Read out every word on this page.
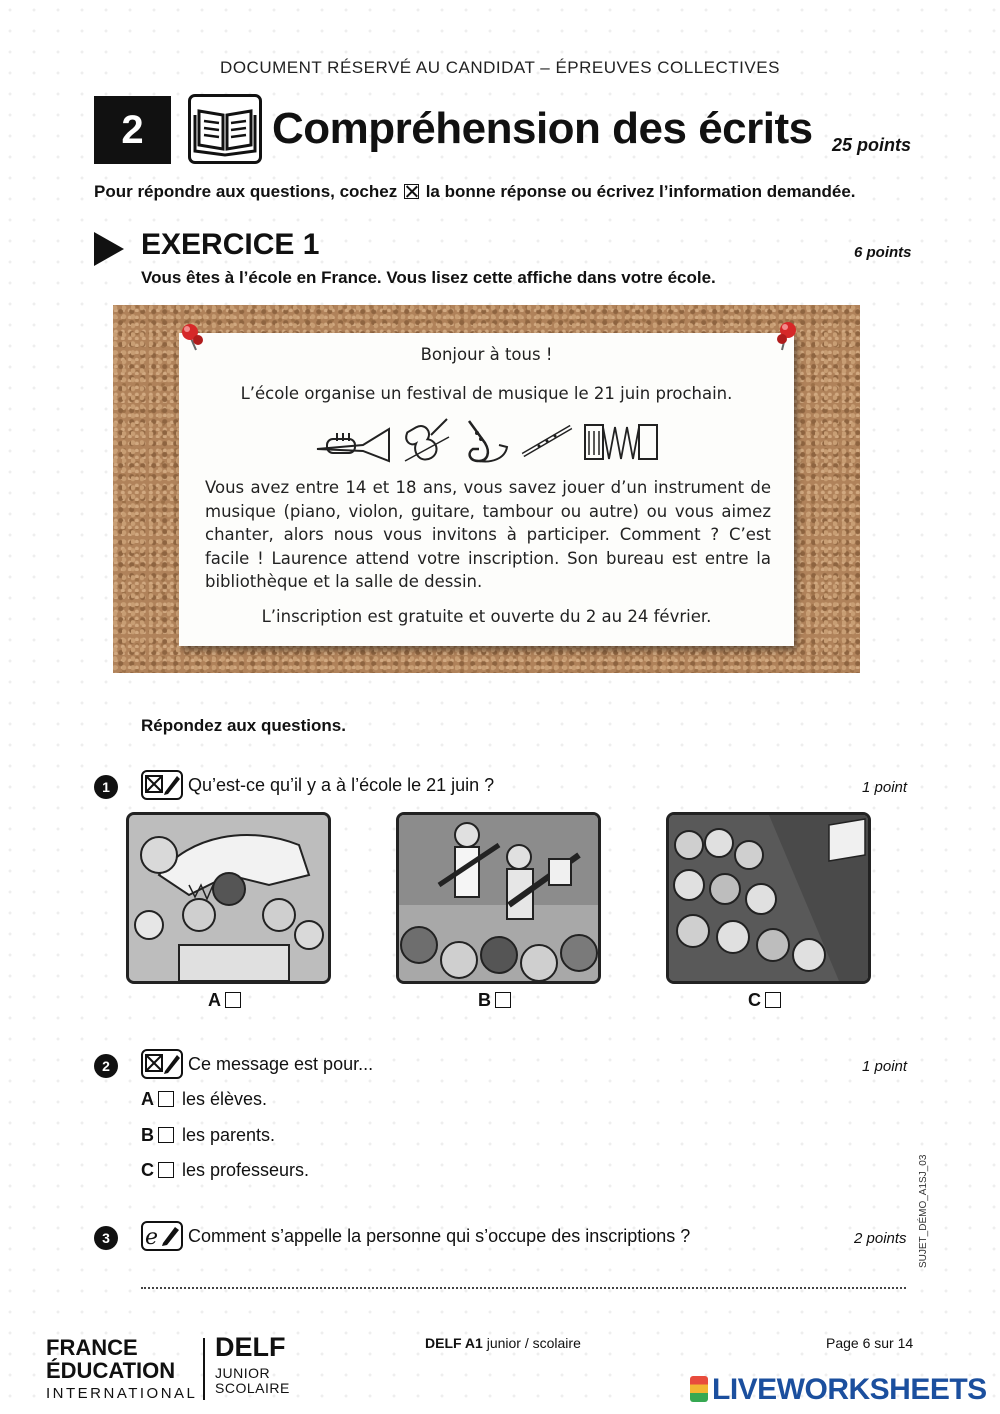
DOCUMENT RÉSERVÉ AU CANDIDAT – ÉPREUVES COLLECTIVES
2	Compréhension des écrits 25 points
Pour répondre aux questions, cochez la bonne réponse ou écrivez l’information demandée.
EXERCICE 1	6 points
Vous êtes à l’école en France. Vous lisez cette affiche dans votre école.
Bonjour à tous !
L’école organise un festival de musique le 21 juin prochain.
Vous avez entre 14 et 18 ans, vous savez jouer d’un instrument de musique (piano, violon, guitare, tambour ou autre) ou vous aimez chanter, alors nous vous invitons à participer. Comment ? C’est facile ! Laurence attend votre inscription. Son bureau est entre la bibliothèque et la salle de dessin.
L’inscription est gratuite et ouverte du 2 au 24 février.
Répondez aux questions.
1	Qu’est-ce qu’il y a à l’école le 21 juin ?	1 point
A	B	C
2	Ce message est pour...	1 point
A les élèves.
B les parents.
C les professeurs.
3	e Comment s’appelle la personne qui s’occupe des inscriptions ?	2 points SUJET_DÉMO_A1SJ_03
FRANCE
ÉDUCATION
INTERNATIONAL
DELF
JUNIOR
SCOLAIRE
DELF A1 junior / scolaire	Page 6 sur 14
LIVEWORKSHEETS
